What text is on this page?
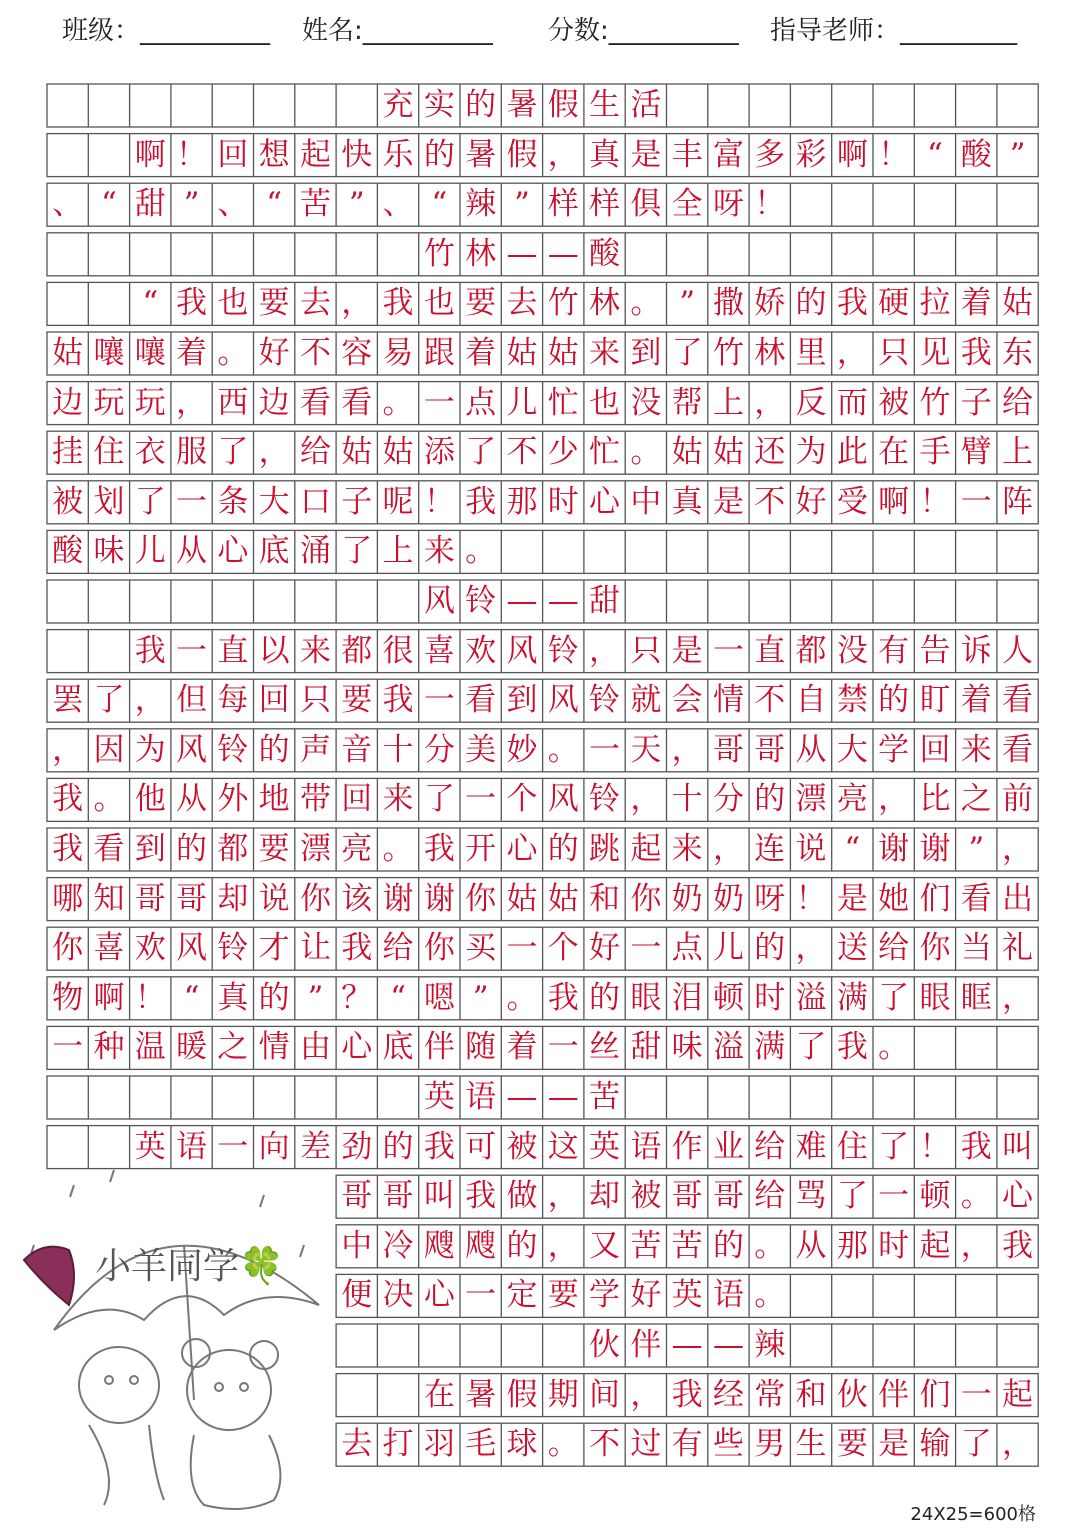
班级：__________ 姓名:__________ 分数:__________ 指导老师：_________
充 实 的 暑 假 生 活
啊 ！ 回 想 起 快 乐 的 暑 假 ， 真 是 丰 富 多 彩 啊 ！ “ 酸 ”
、 “ 甜 ” 、 “ 苦 ” 、 “ 辣 ” 样 样 俱 全 呀 ！
竹 林 — — 酸
“ 我 也 要 去 ， 我 也 要 去 竹 林 。 ” 撒 娇 的 我 硬 拉 着 姑
姑 嚷 嚷 着 。 好 不 容 易 跟 着 姑 姑 来 到 了 竹 林 里 ， 只 见 我 东
边 玩 玩 ， 西 边 看 看 。 一 点 儿 忙 也 没 帮 上 ， 反 而 被 竹 子 给
挂 住 衣 服 了 ， 给 姑 姑 添 了 不 少 忙 。 姑 姑 还 为 此 在 手 臂 上
被 划 了 一 条 大 口 子 呢 ！ 我 那 时 心 中 真 是 不 好 受 啊 ！ 一 阵
酸 味 儿 从 心 底 涌 了 上 来 。
风 铃 — — 甜
我 一 直 以 来 都 很 喜 欢 风 铃 ， 只 是 一 直 都 没 有 告 诉 人
罢 了 ， 但 每 回 只 要 我 一 看 到 风 铃 就 会 情 不 自 禁 的 盯 着 看
， 因 为 风 铃 的 声 音 十 分 美 妙 。 一 天 ， 哥 哥 从 大 学 回 来 看
我 。 他 从 外 地 带 回 来 了 一 个 风 铃 ， 十 分 的 漂 亮 ， 比 之 前
我 看 到 的 都 要 漂 亮 。 我 开 心 的 跳 起 来 ， 连 说 “ 谢 谢 ” ，
哪 知 哥 哥 却 说 你 该 谢 谢 你 姑 姑 和 你 奶 奶 呀 ！ 是 她 们 看 出
你 喜 欢 风 铃 才 让 我 给 你 买 一 个 好 一 点 儿 的 ， 送 给 你 当 礼
物 啊 ！ “ 真 的 ” ？ “ 嗯 ” 。 我 的 眼 泪 顿 时 溢 满 了 眼 眶 ，
一 种 温 暖 之 情 由 心 底 伴 随 着 一 丝 甜 味 溢 满 了 我 。
英 语 — — 苦
英 语 一 向 差 劲 的 我 可 被 这 英 语 作 业 给 难 住 了 ！ 我 叫
哥 哥 叫 我 做 ， 却 被 哥 哥 给 骂 了 一 顿 。 心
中 冷 飕 飕 的 ， 又 苦 苦 的 。 从 那 时 起 ， 我
便 决 心 一 定 要 学 好 英 语 。
伙 伴 — — 辣
在 暑 假 期 间 ， 我 经 常 和 伙 伴 们 一 起
去 打 羽 毛 球 。 不 过 有 些 男 生 要 是 输 了 ，
小羊同学🍀
24X25=600格
